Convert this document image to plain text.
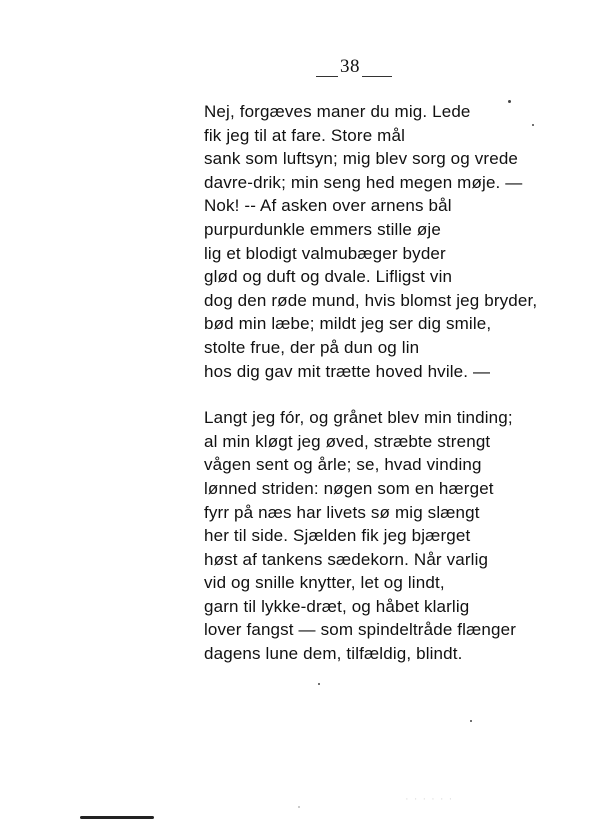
38
Nej, forgæves maner du mig. Lede
fik jeg til at fare. Store mål
sank som luftsyn; mig blev sorg og vrede
davre-drik; min seng hed megen møje. —
Nok! -- Af asken over arnens bål
purpurdunkle emmers stille øje
lig et blodigt valmubæger byder
glød og duft og dvale. Lifligst vin
dog den røde mund, hvis blomst jeg bryder,
bød min læbe; mildt jeg ser dig smile,
stolte frue, der på dun og lin
hos dig gav mit trætte hoved hvile. —
Langt jeg fór, og grånet blev min tinding;
al min kløgt jeg øved, stræbte strengt
vågen sent og årle; se, hvad vinding
lønned striden: nøgen som en hærget
fyrr på næs har livets sø mig slængt
her til side. Sjælden fik jeg bjærget
høst af tankens sædekorn. Når varlig
vid og snille knytter, let og lindt,
garn til lykke-dræt, og håbet klarlig
lover fangst — som spindeltråde flænger
dagens lune dem, tilfældig, blindt.
· · · · · ·
